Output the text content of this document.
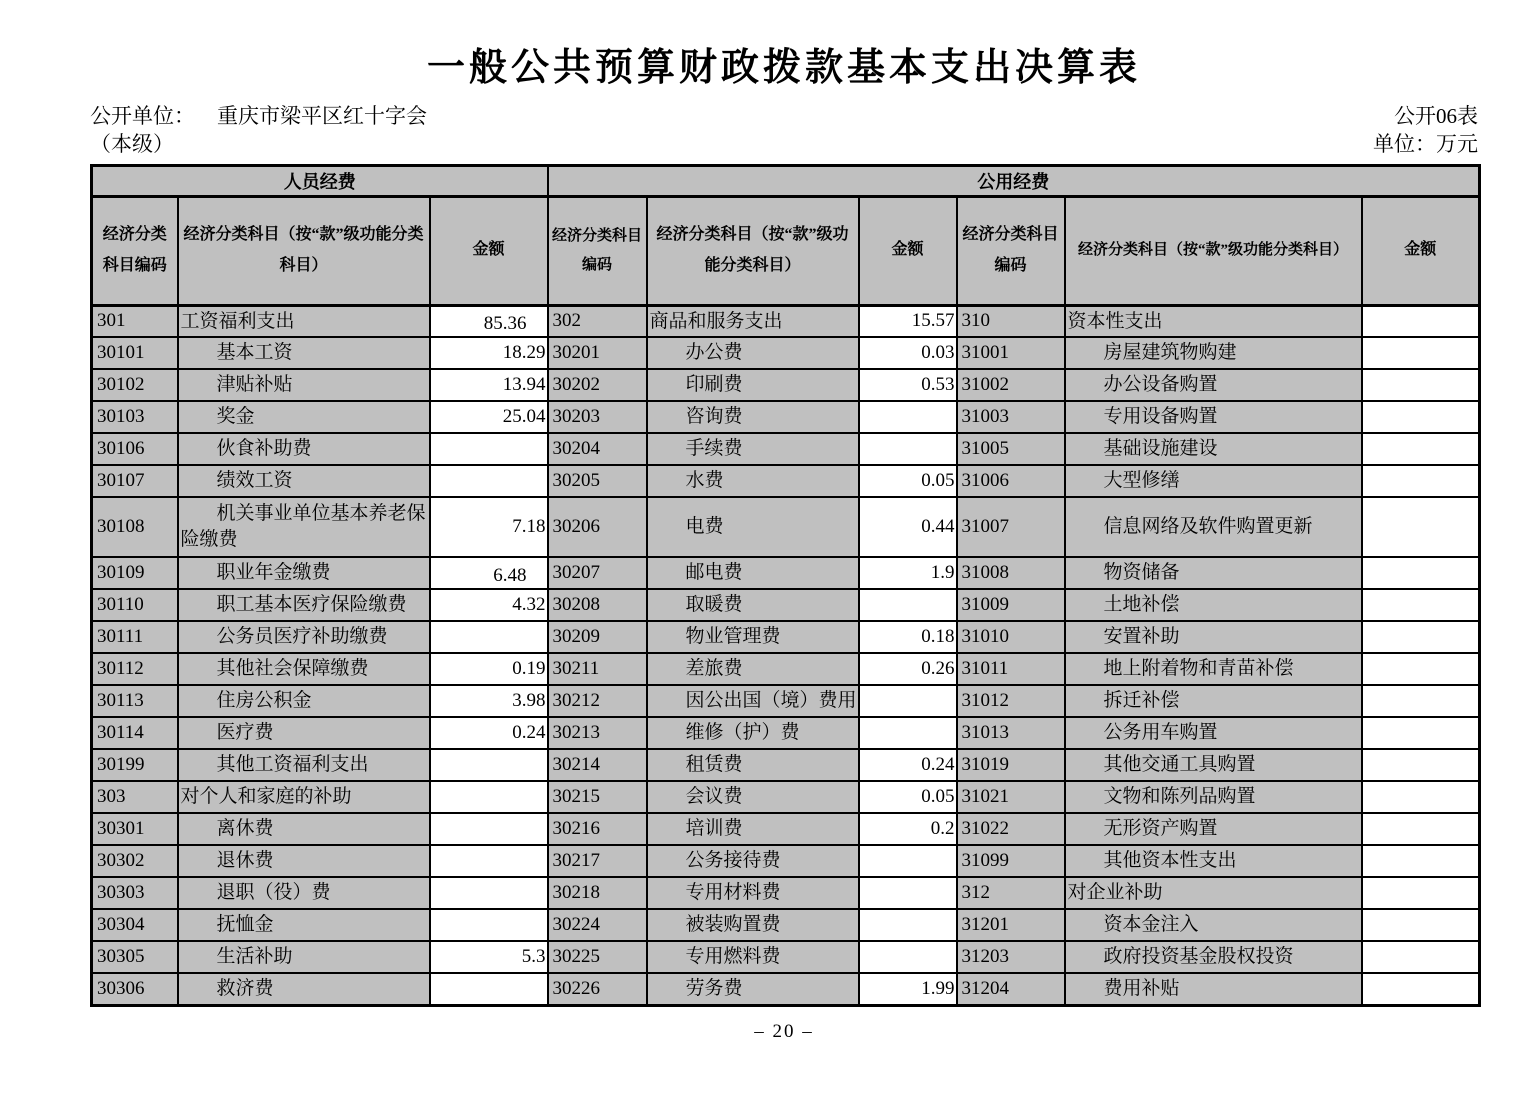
一般公共预算财政拨款基本支出决算表
公开单位： 重庆市梁平区红十字会
（本级）
公开06表
单位：万元
人员经费			公用经费					
经济分类科目编码	经济分类科目（按“款”级功能分类科目）	金额	经济分类科目编码	经济分类科目（按“款”级功能分类科目）	金额	经济分类科目编码	经济分类科目（按“款”级功能分类科目）	金额
301	工资福利支出	85.36　	302	商品和服务支出	15.57	310	资本性支出	
30101	基本工资	18.29	30201	办公费	0.03	31001	房屋建筑物购建	
30102	津贴补贴	13.94	30202	印刷费	0.53	31002	办公设备购置	
30103	奖金	25.04	30203	咨询费		31003	专用设备购置	
30106	伙食补助费		30204	手续费		31005	基础设施建设	
30107	绩效工资		30205	水费	0.05	31006	大型修缮	
30108	机关事业单位基本养老保险缴费	7.18	30206	电费	0.44	31007	信息网络及软件购置更新	
30109	职业年金缴费	6.48　	30207	邮电费	1.9	31008	物资储备	
30110	职工基本医疗保险缴费	4.32	30208	取暖费		31009	土地补偿	
30111	公务员医疗补助缴费		30209	物业管理费	0.18	31010	安置补助	
30112	其他社会保障缴费	0.19	30211	差旅费	0.26	31011	地上附着物和青苗补偿	
30113	住房公积金	3.98	30212	因公出国（境）费用		31012	拆迁补偿	
30114	医疗费	0.24	30213	维修（护）费		31013	公务用车购置	
30199	其他工资福利支出		30214	租赁费	0.24	31019	其他交通工具购置	
303	对个人和家庭的补助		30215	会议费	0.05	31021	文物和陈列品购置	
30301	离休费		30216	培训费	0.2	31022	无形资产购置	
30302	退休费		30217	公务接待费		31099	其他资本性支出	
30303	退职（役）费		30218	专用材料费		312	对企业补助	
30304	抚恤金		30224	被装购置费		31201	资本金注入	
30305	生活补助	5.3	30225	专用燃料费		31203	政府投资基金股权投资	
30306	救济费		30226	劳务费	1.99	31204	费用补贴	
– 20 –
